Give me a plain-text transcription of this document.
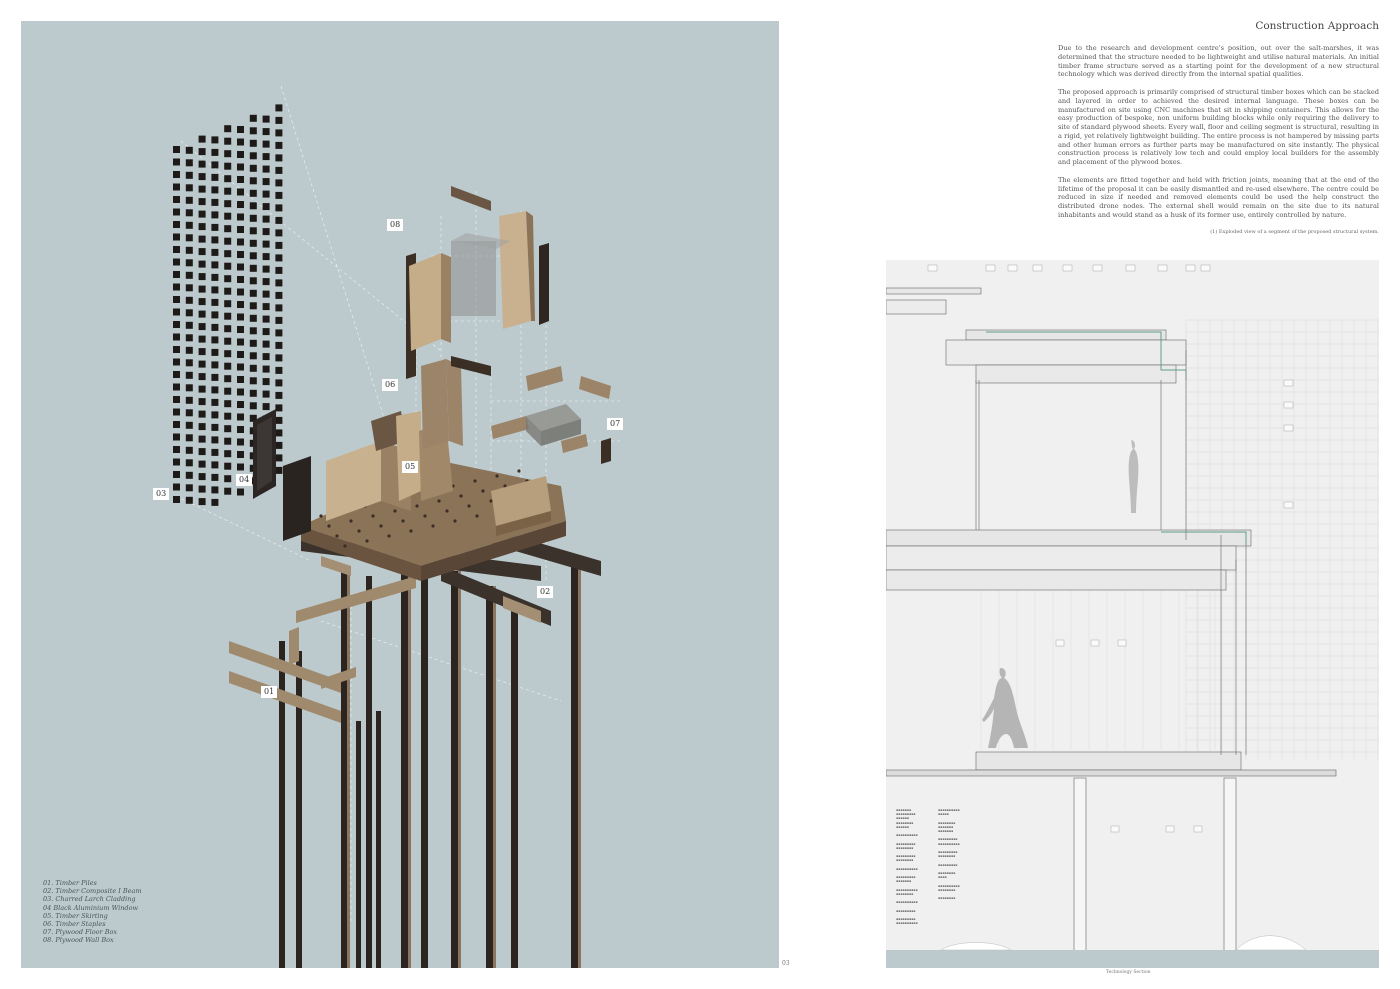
08
06
07
05
04
03
02
01
01. Timber Piles
02. Timber Composite I Beam
03. Charred Larch Cladding
04 Black Aluminium Window
05. Timber Skirting
06. Timber Staples
07. Plywood Floor Box
08. Plywood Wall Box
03
Construction Approach
Due to the research and development centre's position, out over the salt-marshes, it was determined that the structure needed to be lightweight and utilise natural materials. An initial timber frame structure served as a starting point for the development of a new structural technology which was derived directly from the internal spatial qualities.
The proposed approach is primarily comprised of structural timber boxes which can be stacked and layered in order to achieved the desired internal language. These boxes can be manufactured on site using CNC machines that sit in shipping containers. This allows for the easy production of bespoke, non uniform building blocks while only requiring the delivery to site of standard plywood sheets. Every wall, floor and ceiling segment is structural, resulting in a rigid, yet relatively lightweight building. The entire process is not hampered by missing parts and other human errors as further parts may be manufactured on site instantly. The physical construction process is relatively low tech and could employ local builders for the assembly and placement of the plywood boxes.
The elements are fitted together and held with friction joints, meaning that at the end of the lifetime of the proposal it can be easily dismantled and re-used elsewhere. The centre could be reduced in size if needed and removed elements could be used the help construct the distributed drone nodes. The external shell would remain on the site due to its natural inhabitants and would stand as a husk of its former use, entirely controlled by nature.
(1) Exploded view of a segment of the proposed structural system.
▪▪▪▪▪▪▪
▪▪▪▪▪▪▪▪▪
▪▪▪▪▪▪
▪▪▪▪▪▪▪▪
▪▪▪▪▪▪

▪▪▪▪▪▪▪▪▪▪

▪▪▪▪▪▪▪▪▪
▪▪▪▪▪▪▪▪

▪▪▪▪▪▪▪▪▪
▪▪▪▪▪▪▪▪

▪▪▪▪▪▪▪▪▪▪

▪▪▪▪▪▪▪▪▪
▪▪▪▪▪▪▪

▪▪▪▪▪▪▪▪▪▪
▪▪▪▪▪▪▪▪

▪▪▪▪▪▪▪▪▪▪

▪▪▪▪▪▪▪▪▪

▪▪▪▪▪▪▪▪▪
▪▪▪▪▪▪▪▪▪▪
▪▪▪▪▪▪▪▪▪▪
▪▪▪▪▪

▪▪▪▪▪▪▪▪
▪▪▪▪▪▪▪
▪▪▪▪▪▪▪

▪▪▪▪▪▪▪▪▪
▪▪▪▪▪▪▪▪▪▪

▪▪▪▪▪▪▪▪▪
▪▪▪▪▪▪▪▪

▪▪▪▪▪▪▪▪▪

▪▪▪▪▪▪▪▪
▪▪▪▪

▪▪▪▪▪▪▪▪▪▪
▪▪▪▪▪▪▪▪

▪▪▪▪▪▪▪▪
Technology Section
